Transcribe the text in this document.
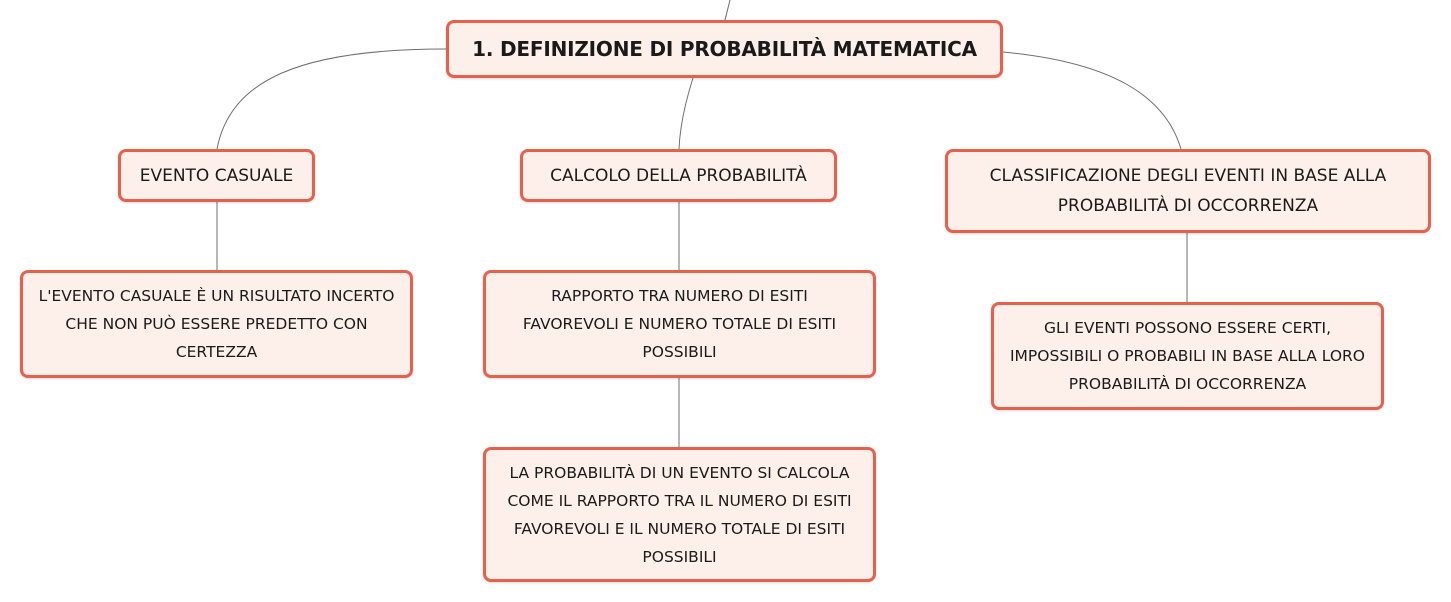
1. DEFINIZIONE DI PROBABILITÀ MATEMATICA
EVENTO CASUALE	CALCOLO DELLA PROBABILITÀ	CLASSIFICAZIONE DEGLI EVENTI IN BASE ALLA
PROBABILITÀ DI OCCORRENZA
L'EVENTO CASUALE È UN RISULTATO INCERTO
CHE NON PUÒ ESSERE PREDETTO CON
CERTEZZA
RAPPORTO TRA NUMERO DI ESITI
FAVOREVOLI E NUMERO TOTALE DI ESITI
POSSIBILI
LA PROBABILITÀ DI UN EVENTO SI CALCOLA
COME IL RAPPORTO TRA IL NUMERO DI ESITI
FAVOREVOLI E IL NUMERO TOTALE DI ESITI
POSSIBILI
GLI EVENTI POSSONO ESSERE CERTI,
IMPOSSIBILI O PROBABILI IN BASE ALLA LORO
PROBABILITÀ DI OCCORRENZA
